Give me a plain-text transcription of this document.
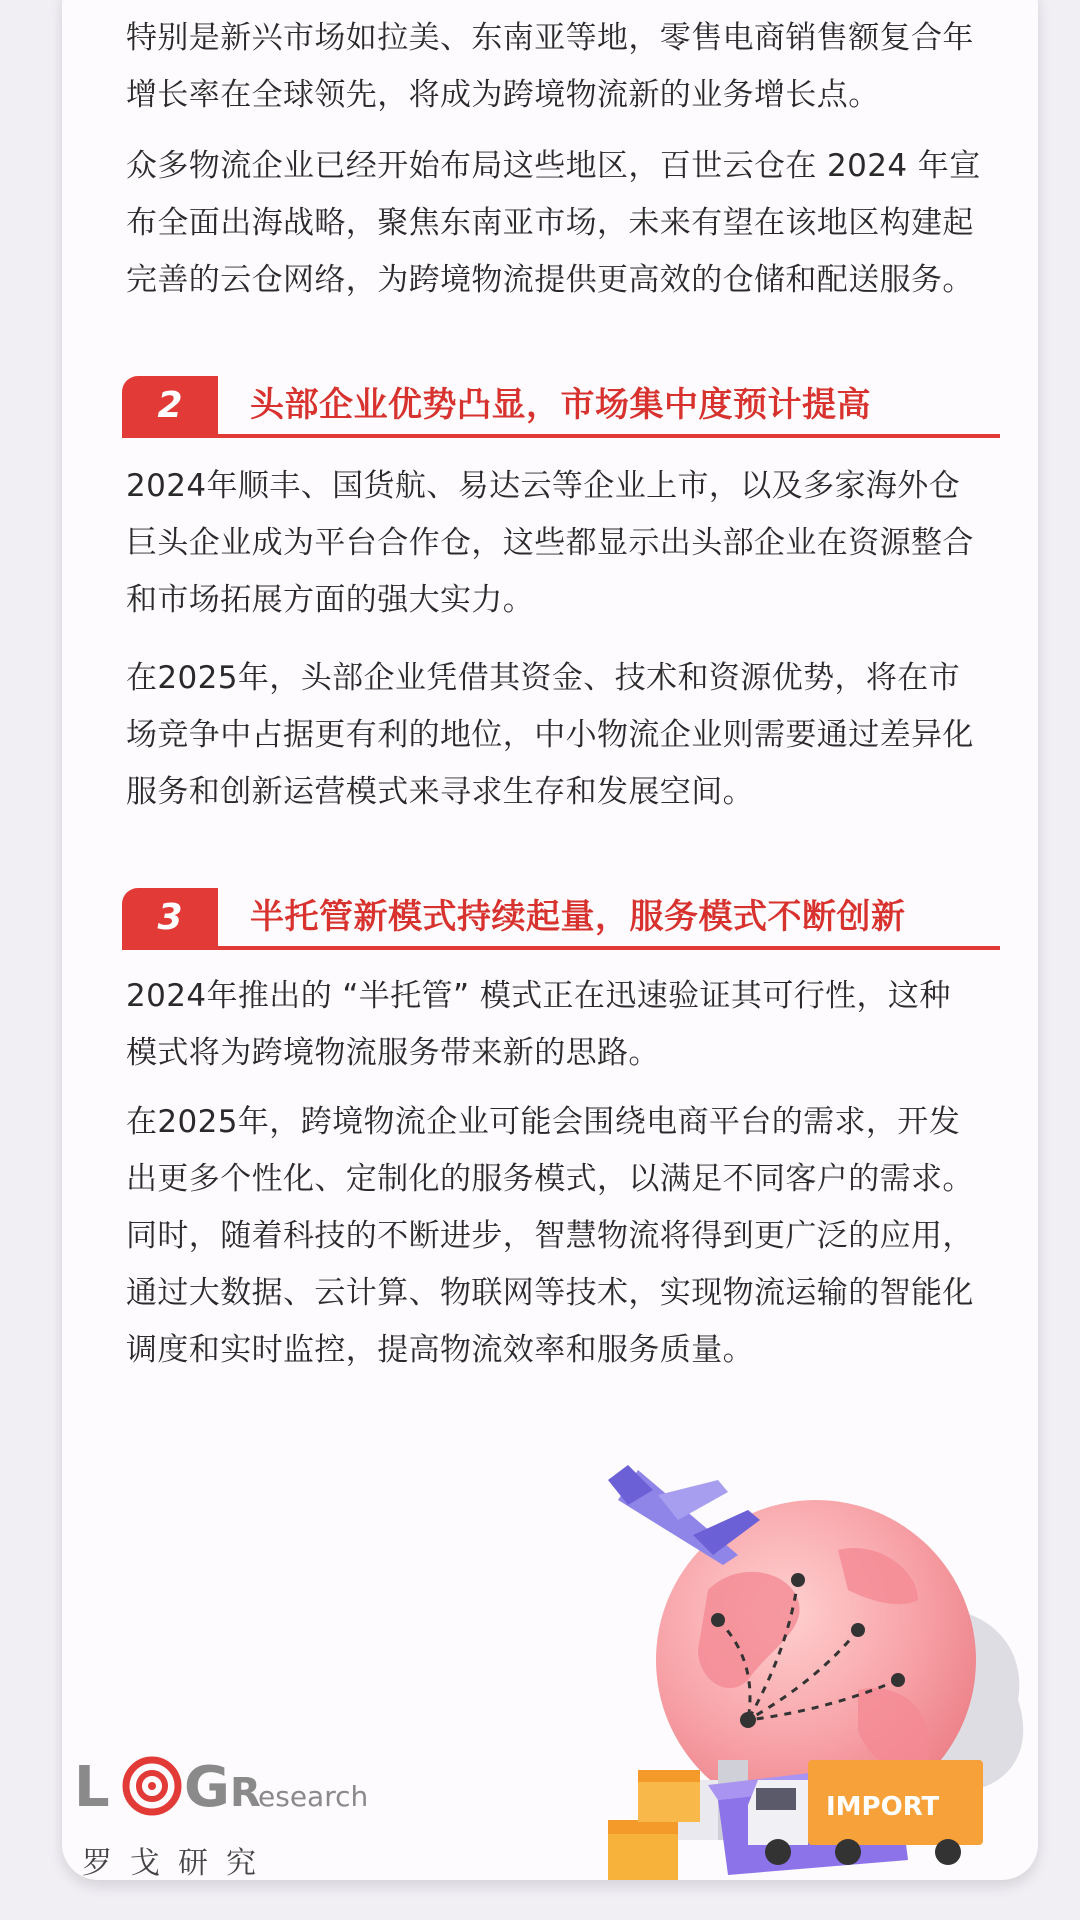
特别是新兴市场如拉美、东南亚等地，零售电商销售额复合年
增长率在全球领先，将成为跨境物流新的业务增长点。

众多物流企业已经开始布局这些地区，百世云仓在 2024 年宣
布全面出海战略，聚焦东南亚市场，未来有望在该地区构建起
完善的云仓网络，为跨境物流提供更高效的仓储和配送服务。

2	头部企业优势凸显，市场集中度预计提高

2024年顺丰、国货航、易达云等企业上市，以及多家海外仓
巨头企业成为平台合作仓，这些都显示出头部企业在资源整合
和市场拓展方面的强大实力。

在2025年，头部企业凭借其资金、技术和资源优势，将在市
场竞争中占据更有利的地位，中小物流企业则需要通过差异化
服务和创新运营模式来寻求生存和发展空间。

3	半托管新模式持续起量，服务模式不断创新

2024年推出的 “半托管” 模式正在迅速验证其可行性，这种
模式将为跨境物流服务带来新的思路。

在2025年，跨境物流企业可能会围绕电商平台的需求，开发
出更多个性化、定制化的服务模式，以满足不同客户的需求。
同时，随着科技的不断进步，智慧物流将得到更广泛的应用，
通过大数据、云计算、物联网等技术，实现物流运输的智能化
调度和实时监控，提高物流效率和服务质量。

IMPORT
L G R
esearch
罗戈研究
